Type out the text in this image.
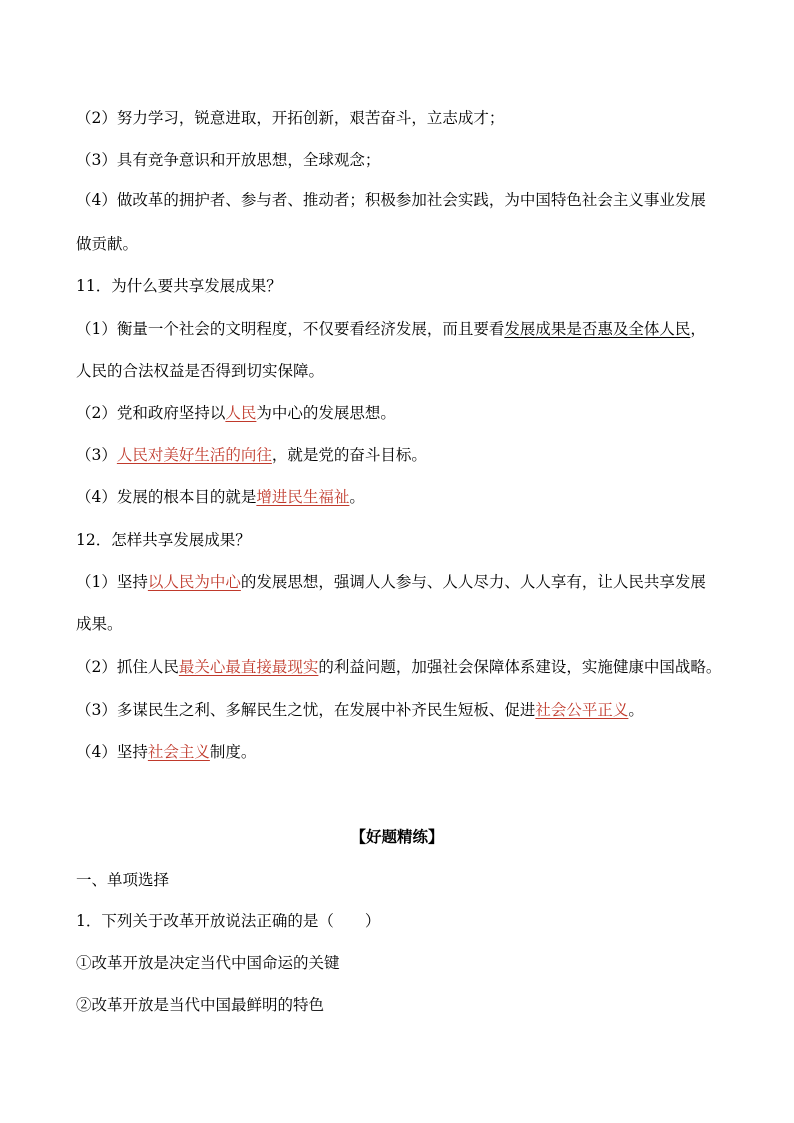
（2）努力学习，锐意进取，开拓创新，艰苦奋斗，立志成才；
（3）具有竞争意识和开放思想，全球观念；
（4）做改革的拥护者、参与者、推动者；积极参加社会实践，为中国特色社会主义事业发展
做贡献。
11．为什么要共享发展成果？
（1）衡量一个社会的文明程度，不仅要看经济发展，而且要看发展成果是否惠及全体人民，
人民的合法权益是否得到切实保障。
（2）党和政府坚持以人民为中心的发展思想。
（3）人民对美好生活的向往，就是党的奋斗目标。
（4）发展的根本目的就是增进民生福祉。
12．怎样共享发展成果？
（1）坚持以人民为中心的发展思想，强调人人参与、人人尽力、人人享有，让人民共享发展
成果。
（2）抓住人民最关心最直接最现实的利益问题，加强社会保障体系建设，实施健康中国战略。
（3）多谋民生之利、多解民生之忧，在发展中补齐民生短板、促进社会公平正义。
（4）坚持社会主义制度。
【好题精练】
一、单项选择
1．下列关于改革开放说法正确的是（　　）
①改革开放是决定当代中国命运的关键
②改革开放是当代中国最鲜明的特色
